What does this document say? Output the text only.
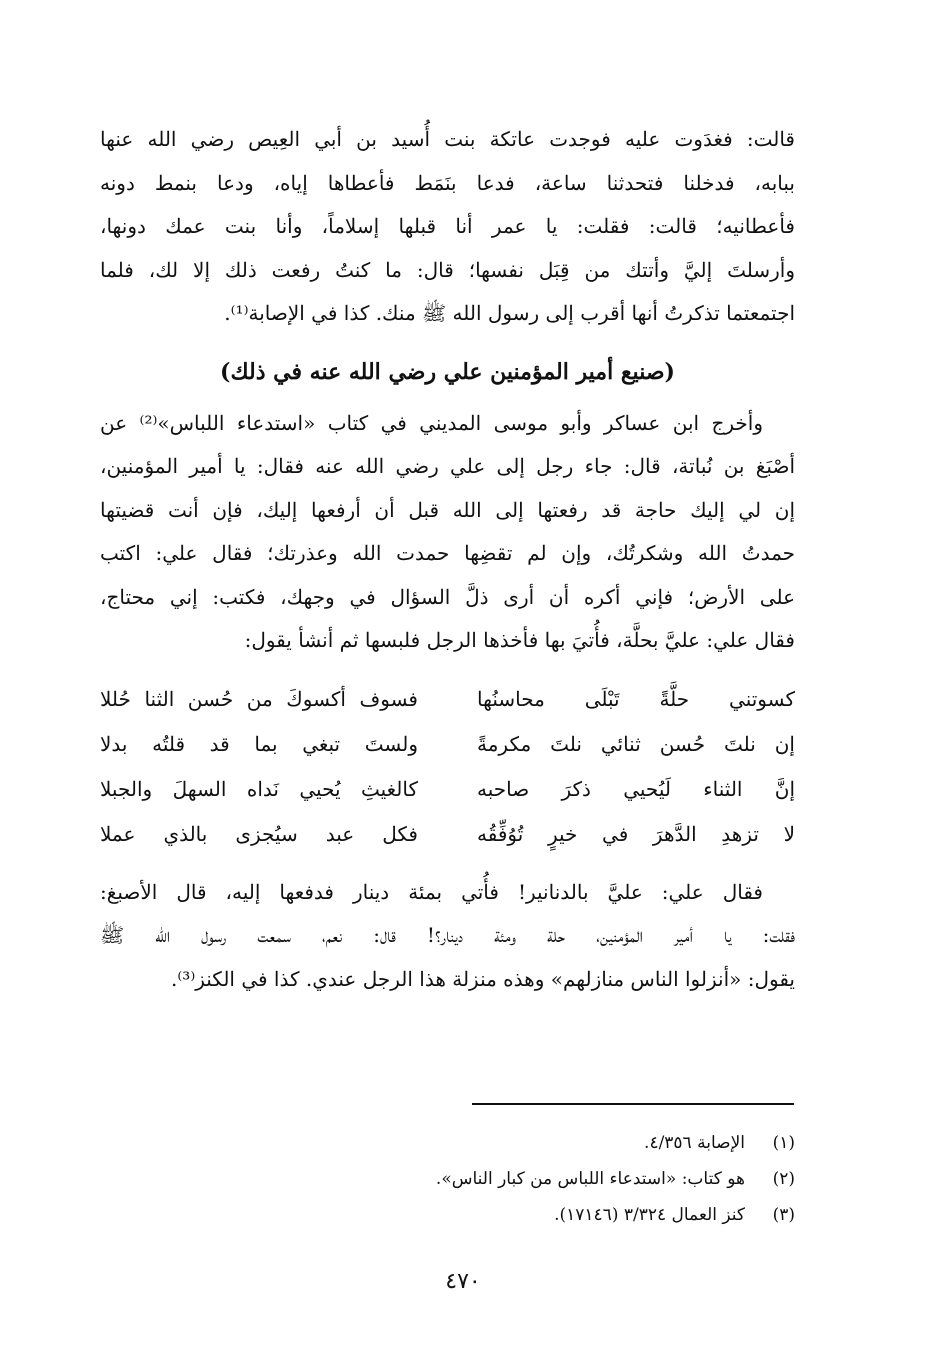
قالت: فغدَوت عليه فوجدت عاتكة بنت أُسيد بن أبي العِيص رضي الله عنها
ببابه، فدخلنا فتحدثنا ساعة، فدعا بنَمَط فأعطاها إياه، ودعا بنمط دونه
فأعطانيه؛ قالت: فقلت: يا عمر أنا قبلها إسلاماً، وأنا بنت عمك دونها،
وأرسلتَ إليَّ وأتتك من قِبَل نفسها؛ قال: ما كنتُ رفعت ذلك إلا لك، فلما
اجتمعتما تذكرتُ أنها أقرب إلى رسول الله ﷺ منك. كذا في الإصابة⁽¹⁾.
(صنيع أمير المؤمنين علي رضي الله عنه في ذلك)
وأخرج ابن عساكر وأبو موسى المديني في كتاب «استدعاء اللباس»⁽²⁾ عن
أصْبَغ بن نُباتة، قال: جاء رجل إلى علي رضي الله عنه فقال: يا أمير المؤمنين،
إن لي إليك حاجة قد رفعتها إلى الله قبل أن أرفعها إليك، فإن أنت قضيتها
حمدتُ الله وشكرتُك، وإن لم تقضِها حمدت الله وعذرتك؛ فقال علي: اكتب
على الأرض؛ فإني أكره أن أرى ذلَّ السؤال في وجهك، فكتب: إني محتاج،
فقال علي: عليَّ بحلَّة، فأُتيَ بها فأخذها الرجل فلبسها ثم أنشأ يقول:
كسوتني حلَّةً تَبْلَى محاسنُها
فسوف أكسوكَ من حُسن الثنا حُللا
إن نلتَ حُسن ثنائي نلتَ مكرمةً
ولستَ تبغي بما قد قلتُه بدلا
إنَّ الثناء لَيُحيي ذكرَ صاحبه
كالغيثِ يُحيي نَداه السهلَ والجبلا
لا تزهدِ الدَّهرَ في خيرٍ تُوُفِّقُه
فكل عبد سيُجزى بالذي عملا
فقال علي: عليَّ بالدنانير! فأُتي بمئة دينار فدفعها إليه، قال الأصبغ:
فقلت: يا أمير المؤمنين، حلة ومئة دينار؟! قال: نعم، سمعت رسول الله ﷺ
يقول: «أنزلوا الناس منازلهم» وهذه منزلة هذا الرجل عندي. كذا في الكنز⁽³⁾.
(١)
الإصابة ٤/٣٥٦.
(٢)
هو كتاب: «استدعاء اللباس من كبار الناس».
(٣)
كنز العمال ٣/٣٢٤ (١٧١٤٦).
٤٧٠
